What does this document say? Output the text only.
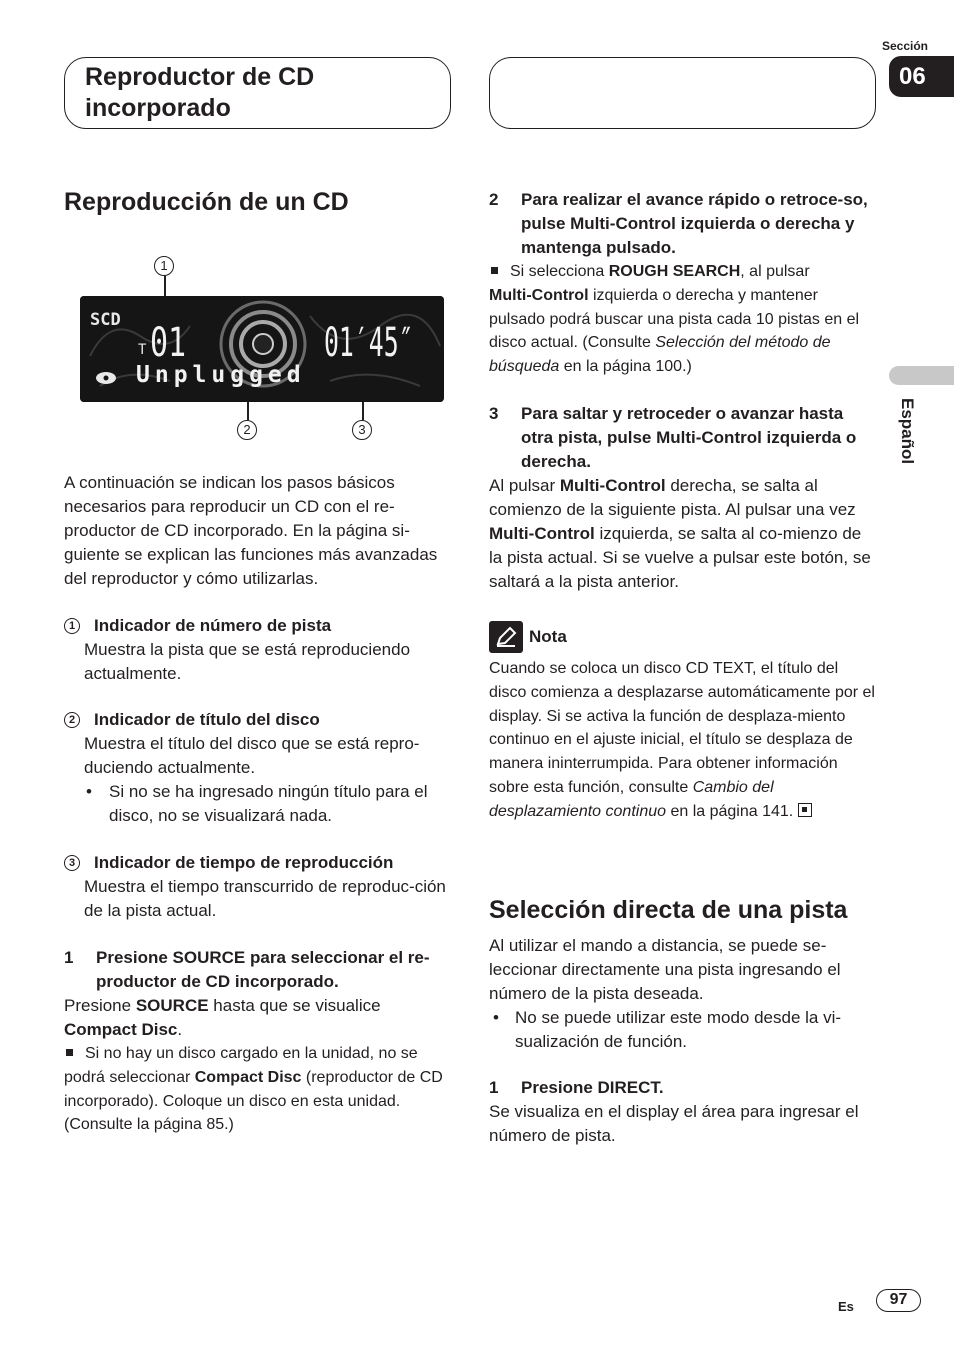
Reproductor de CD
incorporado
Sección
06
Español
Reproducción de un CD

A continuación se indican los pasos básicos necesarios para reproducir un CD con el re-productor de CD incorporado. En la página si-guiente se explican las funciones más avanzadas del reproductor y cómo utilizarlas.

1 Indicador de número de pista

Muestra la pista que se está reproduciendo actualmente.

2 Indicador de título del disco

Muestra el título del disco que se está repro-duciendo actualmente.

• Si no se ha ingresado ningún título para el disco, no se visualizará nada.

3 Indicador de tiempo de reproducción

Muestra el tiempo transcurrido de reproduc-ción de la pista actual.

1	Presione SOURCE para seleccionar el re-productor de CD incorporado.

Presione SOURCE hasta que se visualice
Compact Disc.

Si no hay un disco cargado en la unidad, no se podrá seleccionar Compact Disc (reproductor de CD incorporado). Coloque un disco en esta unidad. (Consulte la página 85.)

1
2	3
SCD
T 01	01′45″
Unplugged
2	Para realizar el avance rápido o retroce-so, pulse Multi-Control izquierda o derecha y mantenga pulsado.

Si selecciona ROUGH SEARCH, al pulsar
Multi-Control izquierda o derecha y mantener pulsado podrá buscar una pista cada 10 pistas en el disco actual. (Consulte Selección del método de búsqueda en la página 100.)

3	Para saltar y retroceder o avanzar hasta otra pista, pulse Multi-Control izquierda o derecha.

Al pulsar Multi-Control derecha, se salta al comienzo de la siguiente pista. Al pulsar una vez Multi-Control izquierda, se salta al co-mienzo de la pista actual. Si se vuelve a pulsar este botón, se saltará a la pista anterior.

Nota

Cuando se coloca un disco CD TEXT, el título del disco comienza a desplazarse automáticamente por el display. Si se activa la función de desplaza-miento continuo en el ajuste inicial, el título se desplaza de manera ininterrumpida. Para obtener información sobre esta función, consulte Cambio del desplazamiento continuo en la página 141.

Selección directa de una pista

Al utilizar el mando a distancia, se puede se-leccionar directamente una pista ingresando el número de la pista deseada.

• No se puede utilizar este modo desde la vi-sualización de función.

1	Presione DIRECT.

Se visualiza en el display el área para ingresar el número de pista.

Es	97
